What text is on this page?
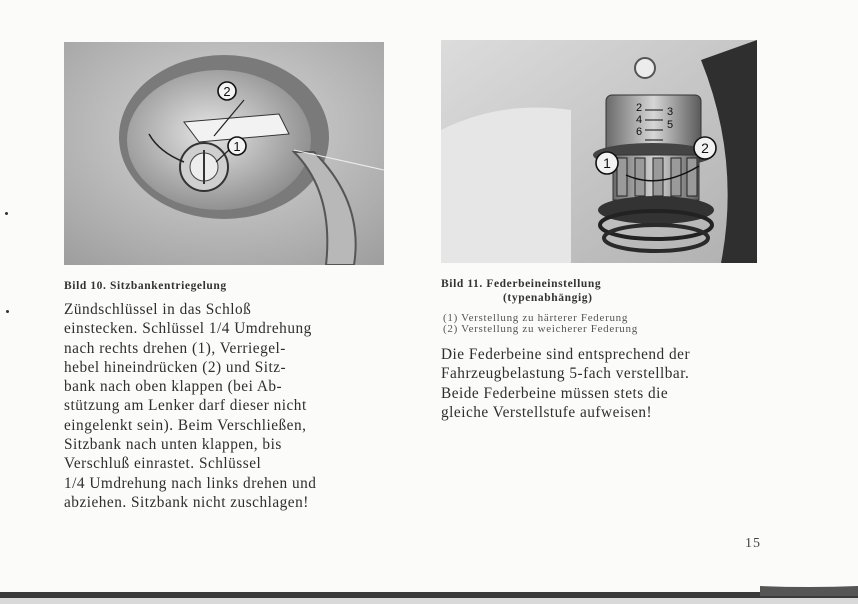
2
1
2 3
4 5
6
1
2
Bild 10. Sitzbankentriegelung	Bild 11. Federbeineinstellung
(typenabhängig)
(1) Verstellung zu härterer Federung
(2) Verstellung zu weicherer Federung
Zündschlüssel in das Schloß
einstecken. Schlüssel 1/4 Umdrehung
nach rechts drehen (1), Verriegel-
hebel hineindrücken (2) und Sitz-
bank nach oben klappen (bei Ab-
stützung am Lenker darf dieser nicht
eingelenkt sein). Beim Verschließen,
Sitzbank nach unten klappen, bis
Verschluß einrastet. Schlüssel
1/4 Umdrehung nach links drehen und
abziehen. Sitzbank nicht zuschlagen!
Die Federbeine sind entsprechend der
Fahrzeugbelastung 5-fach verstellbar.
Beide Federbeine müssen stets die
gleiche Verstellstufe aufweisen!
15
